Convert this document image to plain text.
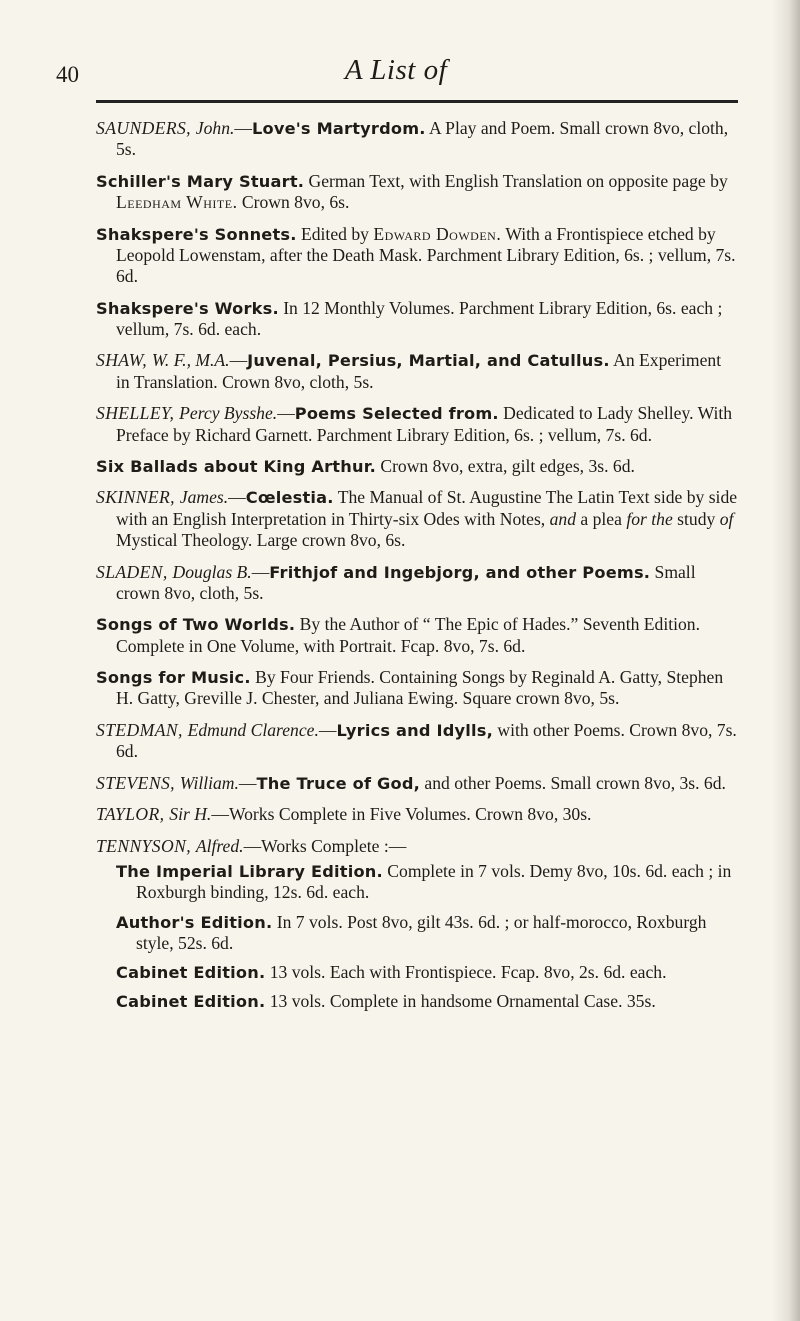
40	A List of
SAUNDERS, John.—Love's Martyrdom. A Play and Poem. Small crown 8vo, cloth, 5s.
Schiller's Mary Stuart. German Text, with English Translation on opposite page by Leedham White. Crown 8vo, 6s.
Shakspere's Sonnets. Edited by Edward Dowden. With a Frontispiece etched by Leopold Lowenstam, after the Death Mask. Parchment Library Edition, 6s. ; vellum, 7s. 6d.
Shakspere's Works. In 12 Monthly Volumes. Parchment Library Edition, 6s. each ; vellum, 7s. 6d. each.
SHAW, W. F., M.A.—Juvenal, Persius, Martial, and Catullus. An Experiment in Translation. Crown 8vo, cloth, 5s.
SHELLEY, Percy Bysshe.—Poems Selected from. Dedicated to Lady Shelley. With Preface by Richard Garnett. Parchment Library Edition, 6s. ; vellum, 7s. 6d.
Six Ballads about King Arthur. Crown 8vo, extra, gilt edges, 3s. 6d.
SKINNER, James.—Cœlestia. The Manual of St. Augustine The Latin Text side by side with an English Interpretation in Thirty-six Odes with Notes, and a plea for the study of Mystical Theology. Large crown 8vo, 6s.
SLADEN, Douglas B.—Frithjof and Ingebjorg, and other Poems. Small crown 8vo, cloth, 5s.
Songs of Two Worlds. By the Author of “ The Epic of Hades.” Seventh Edition. Complete in One Volume, with Portrait. Fcap. 8vo, 7s. 6d.
Songs for Music. By Four Friends. Containing Songs by Reginald A. Gatty, Stephen H. Gatty, Greville J. Chester, and Juliana Ewing. Square crown 8vo, 5s.
STEDMAN, Edmund Clarence.—Lyrics and Idylls, with other Poems. Crown 8vo, 7s. 6d.
STEVENS, William.—The Truce of God, and other Poems. Small crown 8vo, 3s. 6d.
TAYLOR, Sir H.—Works Complete in Five Volumes. Crown 8vo, 30s.
TENNYSON, Alfred.—Works Complete :—
The Imperial Library Edition. Complete in 7 vols. Demy 8vo, 10s. 6d. each ; in Roxburgh binding, 12s. 6d. each.
Author's Edition. In 7 vols. Post 8vo, gilt 43s. 6d. ; or half-morocco, Roxburgh style, 52s. 6d.
Cabinet Edition. 13 vols. Each with Frontispiece. Fcap. 8vo, 2s. 6d. each.
Cabinet Edition. 13 vols. Complete in handsome Ornamental Case. 35s.
